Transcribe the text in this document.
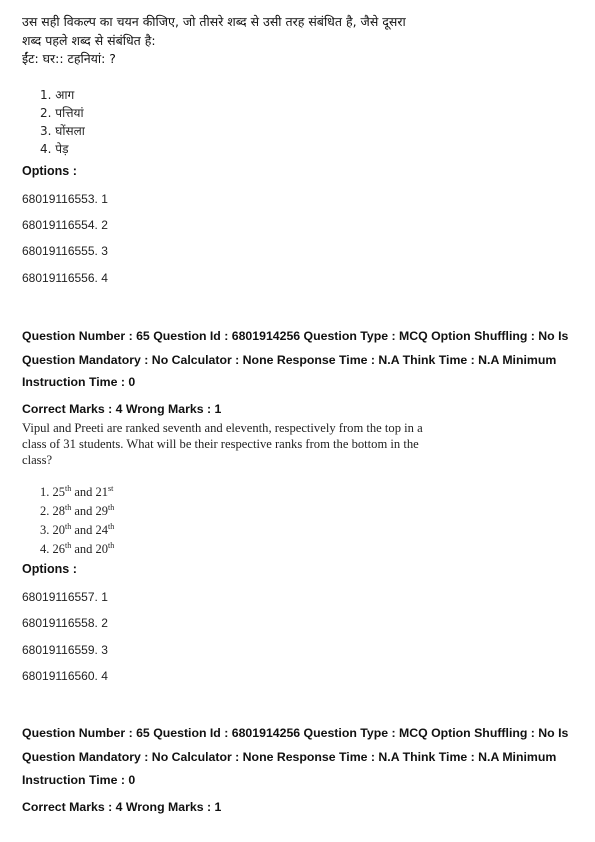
उस सही विकल्प का चयन कीजिए, जो तीसरे शब्द से उसी तरह संबंधित है, जैसे दूसरा
शब्द पहले शब्द से संबंधित है:
ईंट: घर:: टहनियां: ?
1. आग
2. पत्तियां
3. घोंसला
4. पेड़
Options :
68019116553. 1
68019116554. 2
68019116555. 3
68019116556. 4
Question Number : 65 Question Id : 6801914256 Question Type : MCQ Option Shuffling : No Is
Question Mandatory : No Calculator : None Response Time : N.A Think Time : N.A Minimum
Instruction Time : 0
Correct Marks : 4 Wrong Marks : 1
Vipul and Preeti are ranked seventh and eleventh, respectively from the top in a
class of 31 students. What will be their respective ranks from the bottom in the
class?
1. 25th and 21st
2. 28th and 29th
3. 20th and 24th
4. 26th and 20th
Options :
68019116557. 1
68019116558. 2
68019116559. 3
68019116560. 4
Question Number : 65 Question Id : 6801914256 Question Type : MCQ Option Shuffling : No Is
Question Mandatory : No Calculator : None Response Time : N.A Think Time : N.A Minimum
Instruction Time : 0
Correct Marks : 4 Wrong Marks : 1
